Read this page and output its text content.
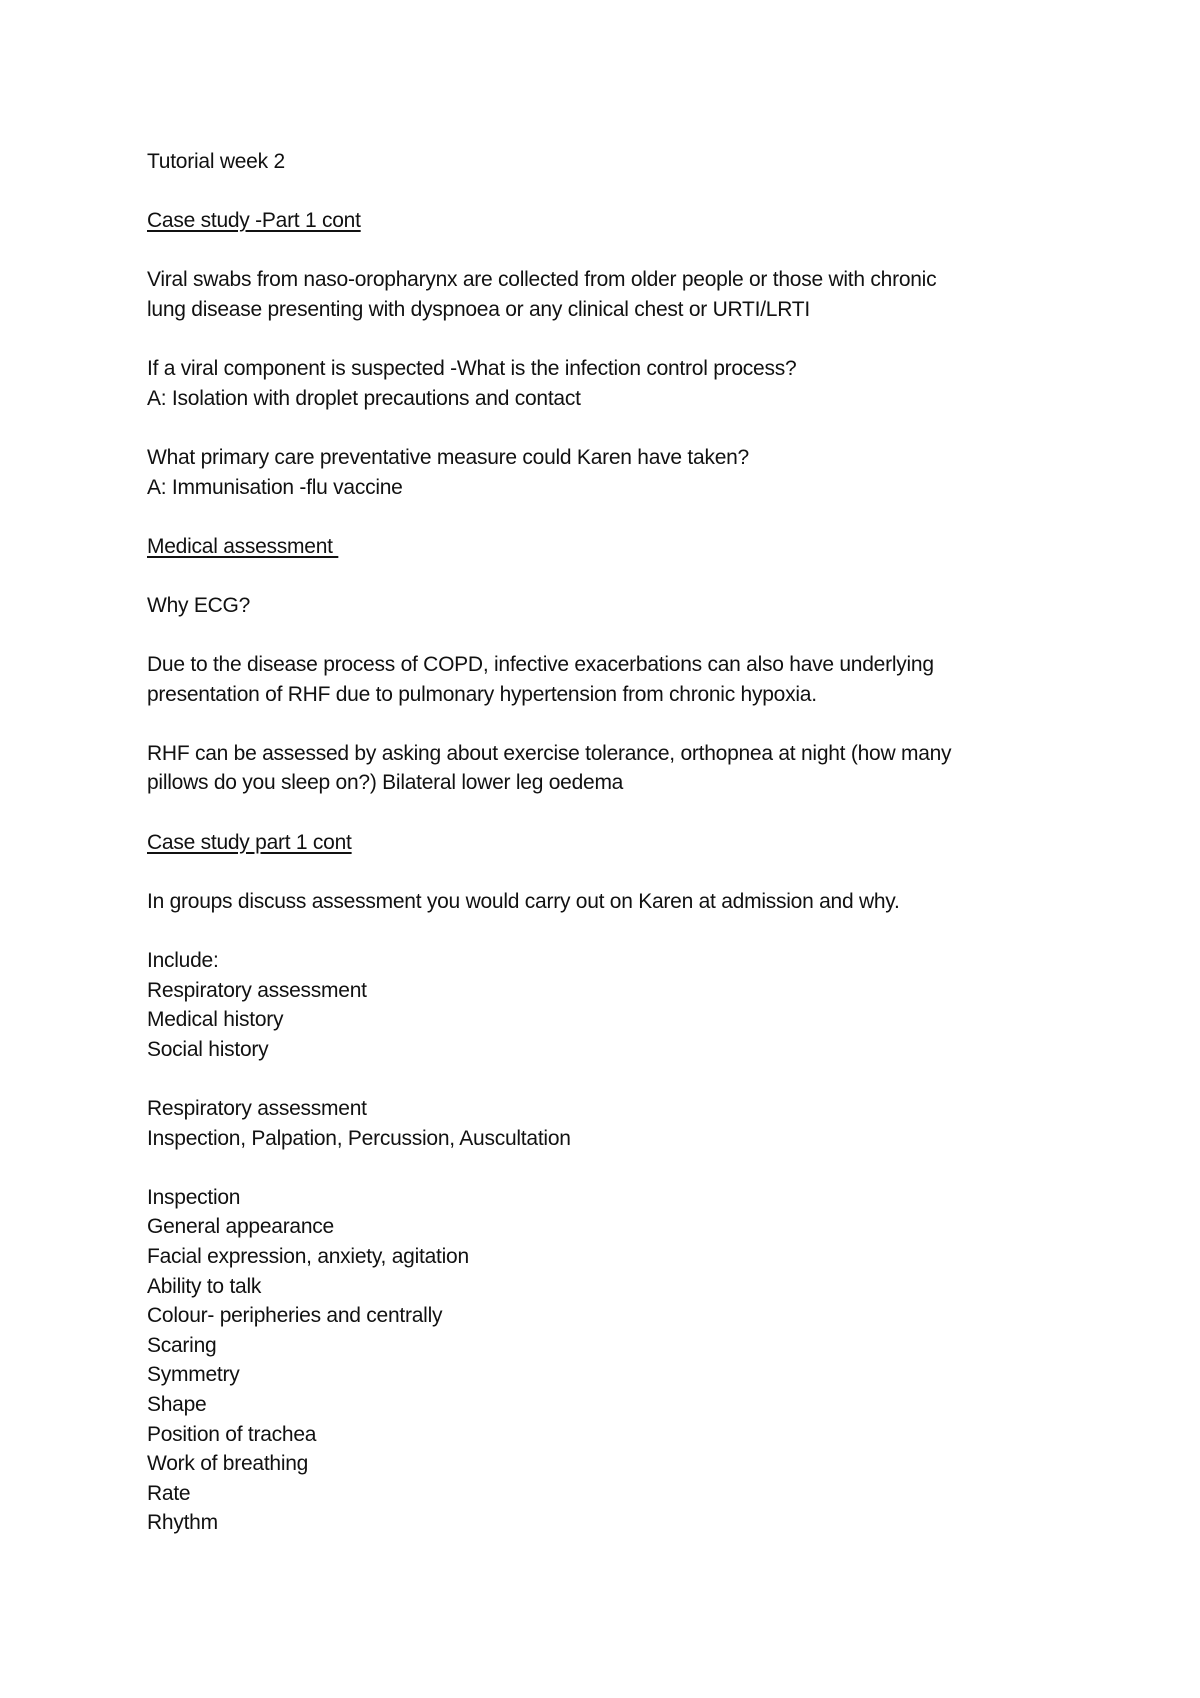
Tutorial week 2
Case study -Part 1 cont
Viral swabs from naso-oropharynx are collected from older people or those with chronic
lung disease presenting with dyspnoea or any clinical chest or URTI/LRTI
If a viral component is suspected -What is the infection control process?
A: Isolation with droplet precautions and contact
What primary care preventative measure could Karen have taken?
A: Immunisation -flu vaccine
Medical assessment
Why ECG?
Due to the disease process of COPD, infective exacerbations can also have underlying
presentation of RHF due to pulmonary hypertension from chronic hypoxia.
RHF can be assessed by asking about exercise tolerance, orthopnea at night (how many
pillows do you sleep on?) Bilateral lower leg oedema
Case study part 1 cont
In groups discuss assessment you would carry out on Karen at admission and why.
Include:
Respiratory assessment
Medical history
Social history
Respiratory assessment
Inspection, Palpation, Percussion, Auscultation
Inspection
General appearance
Facial expression, anxiety, agitation
Ability to talk
Colour- peripheries and centrally
Scaring
Symmetry
Shape
Position of trachea
Work of breathing
Rate
Rhythm
